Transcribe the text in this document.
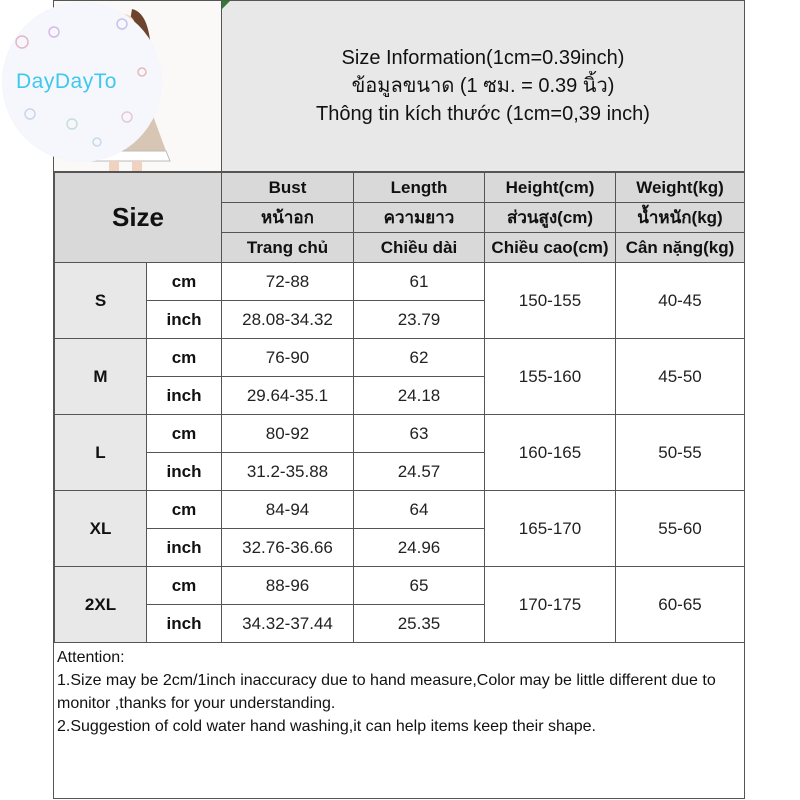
Size Information(1cm=0.39inch)
ข้อมูลขนาด (1 ซม. = 0.39 นิ้ว)
Thông tin kích thước (1cm=0,39 inch)
Size		Bust	Length	Height(cm)	Weight(kg)
		หน้าอก	ความยาว	ส่วนสูง(cm)	น้ำหนัก(kg)
		Trang chủ	Chiều dài	Chiều cao(cm)	Cân nặng(kg)
S	cm	72-88	61	150-155	40-45
	inch	28.08-34.32	23.79		
M	cm	76-90	62	155-160	45-50
	inch	29.64-35.1	24.18		
L	cm	80-92	63	160-165	50-55
	inch	31.2-35.88	24.57		
XL	cm	84-94	64	165-170	55-60
	inch	32.76-36.66	24.96		
2XL	cm	88-96	65	170-175	60-65
	inch	34.32-37.44	25.35		
Attention:
1.Size may be 2cm/1inch inaccuracy due to hand measure,Color may be little different due to monitor ,thanks for your understanding.
2.Suggestion of cold water hand washing,it can help items keep their shape.
DayDayTo
